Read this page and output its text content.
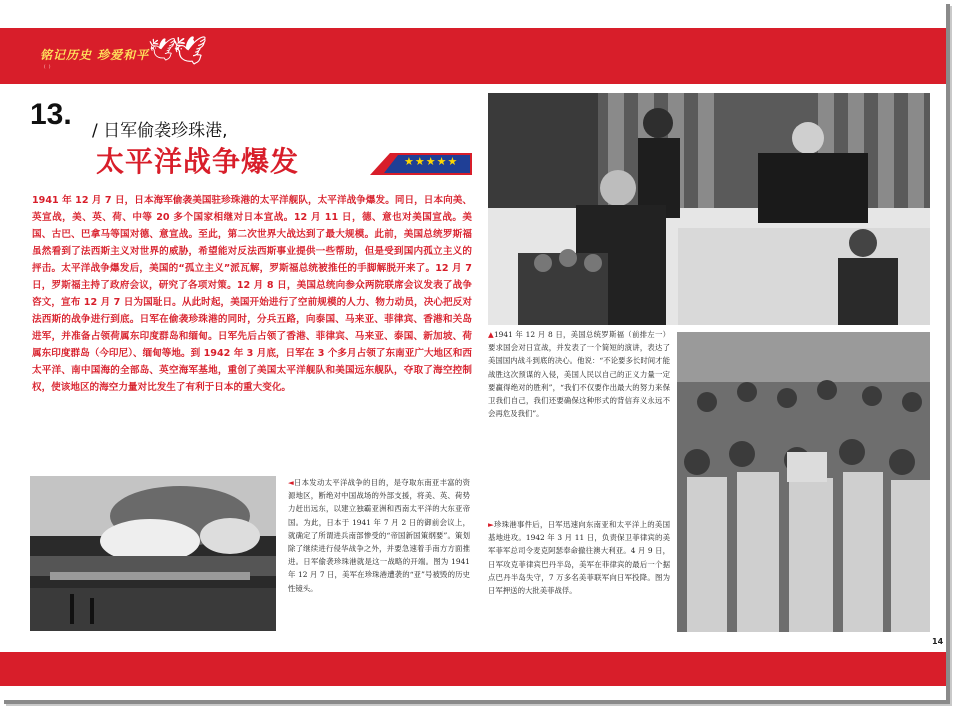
铭记历史 珍爱和平
( )
🕊
🕊
13. / 日军偷袭珍珠港,
太平洋战争爆发	★★★★★

1941 年 12 月 7 日，日本海军偷袭美国驻珍珠港的太平洋舰队，太平洋战争爆发。同日，日本向美、英宣战，美、英、荷、中等 20 多个国家相继对日本宣战。12 月 11 日，德、意也对美国宣战。美国、古巴、巴拿马等国对德、意宣战。至此，第二次世界大战达到了最大规模。此前，美国总统罗斯福虽然看到了法西斯主义对世界的威胁，希望能对反法西斯事业提供一些帮助，但是受到国内孤立主义的抨击。太平洋战争爆发后，美国的“孤立主义”派瓦解，罗斯福总统被推任的手脚解脱开来了。12 月 7 日，罗斯福主持了政府会议，研究了各项对策。12 月 8 日，美国总统向参众两院联席会议发表了战争咨文，宣布 12 月 7 日为国耻日。从此时起，美国开始进行了空前规模的人力、物力动员，决心把反对法西斯的战争进行到底。日军在偷袭珍珠港的同时，分兵五路，向泰国、马来亚、菲律宾、香港和关岛进军，并准备占领荷属东印度群岛和缅甸。日军先后占领了香港、菲律宾、马来亚、泰国、新加坡、荷属东印度群岛（今印尼）、缅甸等地。到 1942 年 3 月底，日军在 3 个多月占领了东南亚广大地区和西太平洋、南中国海的全部岛、英空海军基地，重创了美国太平洋舰队和美国远东舰队，夺取了海空控制权，使该地区的海空力量对比发生了有利于日本的重大变化。

▲1941 年 12 月 8 日，美国总统罗斯福（前排左一）要求国会对日宣战，并发表了一个简短的演讲，表达了美国国内战斗到底的决心。他说：“不论要多长时间才能战胜这次预谋的入侵，美国人民以自己的正义力量一定要赢得绝对的胜利”，“我们不仅要作出最大的努力来保卫我们自己，我们还要确保这种形式的背信弃义永远不会再危及我们”。

◄日本发动太平洋战争的目的，是夺取东南亚丰富的资源地区，断绝对中国战场的外部支援，将美、英、荷势力赶出远东，以建立独霸亚洲和西南太平洋的大东亚帝国。为此，日本于 1941 年 7 月 2 日的御前会议上，就确定了所谓进兵南部惨受的“帝国新国策纲要”。策划除了继续进行侵华战争之外，并要急速着手南方方面推进。日军偷袭珍珠港就是这一战略的开端。图为 1941 年 12 月 7 日，美军在珍珠港遭袭的“亚”号被毁的历史性镜头。

►珍珠港事件后，日军迅速向东南亚和太平洋上的美国基地进攻。1942 年 3 月 11 日，负责保卫菲律宾的美军菲军总司令麦克阿瑟奉命撤往澳大利亚。4 月 9 日，日军攻克菲律宾巴丹半岛，美军在菲律宾的最后一个据点巴丹半岛失守，7 万多名美菲联军向日军投降。图为日军押送的大批美菲战俘。

14
